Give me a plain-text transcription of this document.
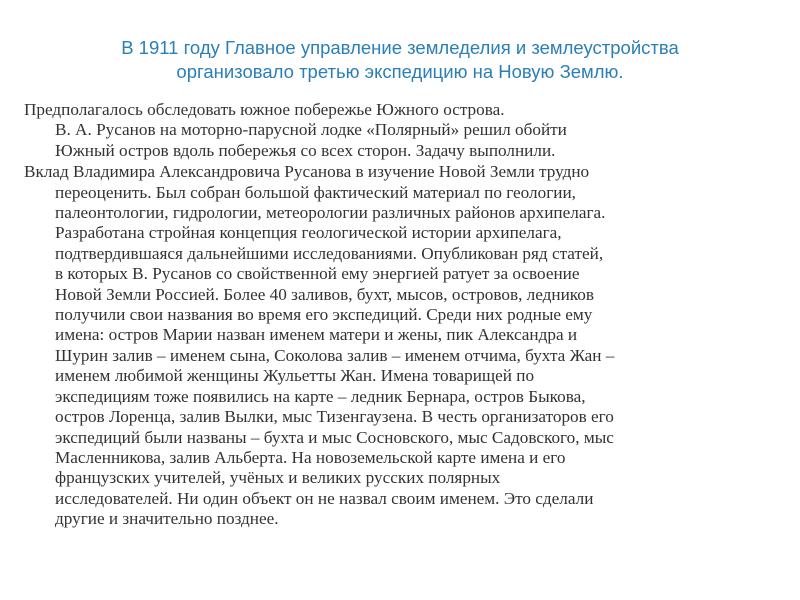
В 1911 году Главное управление земледелия и землеустройства
организовало третью экспедицию на Новую Землю.
Предполагалось обследовать южное побережье Южного острова.
В. А. Русанов на моторно-парусной лодке «Полярный» решил обойти
Южный остров вдоль побережья со всех сторон. Задачу выполнили.
Вклад Владимира Александровича Русанова в изучение Новой Земли трудно
переоценить. Был собран большой фактический материал по геологии,
палеонтологии, гидрологии, метеорологии различных районов архипелага.
Разработана стройная концепция геологической истории архипелага,
подтвердившаяся дальнейшими исследованиями. Опубликован ряд статей,
в которых В. Русанов со свойственной ему энергией ратует за освоение
Новой Земли Россией. Более 40 заливов, бухт, мысов, островов, ледников
получили свои названия во время его экспедиций. Среди них родные ему
имена: остров Марии назван именем матери и жены, пик Александра и
Шурин залив – именем сына, Соколова залив – именем отчима, бухта Жан –
именем любимой женщины Жульетты Жан. Имена товарищей по
экспедициям тоже появились на карте – ледник Бернара, остров Быкова,
остров Лоренца, залив Вылки, мыс Тизенгаузена. В честь организаторов его
экспедиций были названы – бухта и мыс Сосновского, мыс Садовского, мыс
Масленникова, залив Альберта. На новоземельской карте имена и его
французских учителей, учёных и великих русских полярных
исследователей. Ни один объект он не назвал своим именем. Это сделали
другие и значительно позднее.
